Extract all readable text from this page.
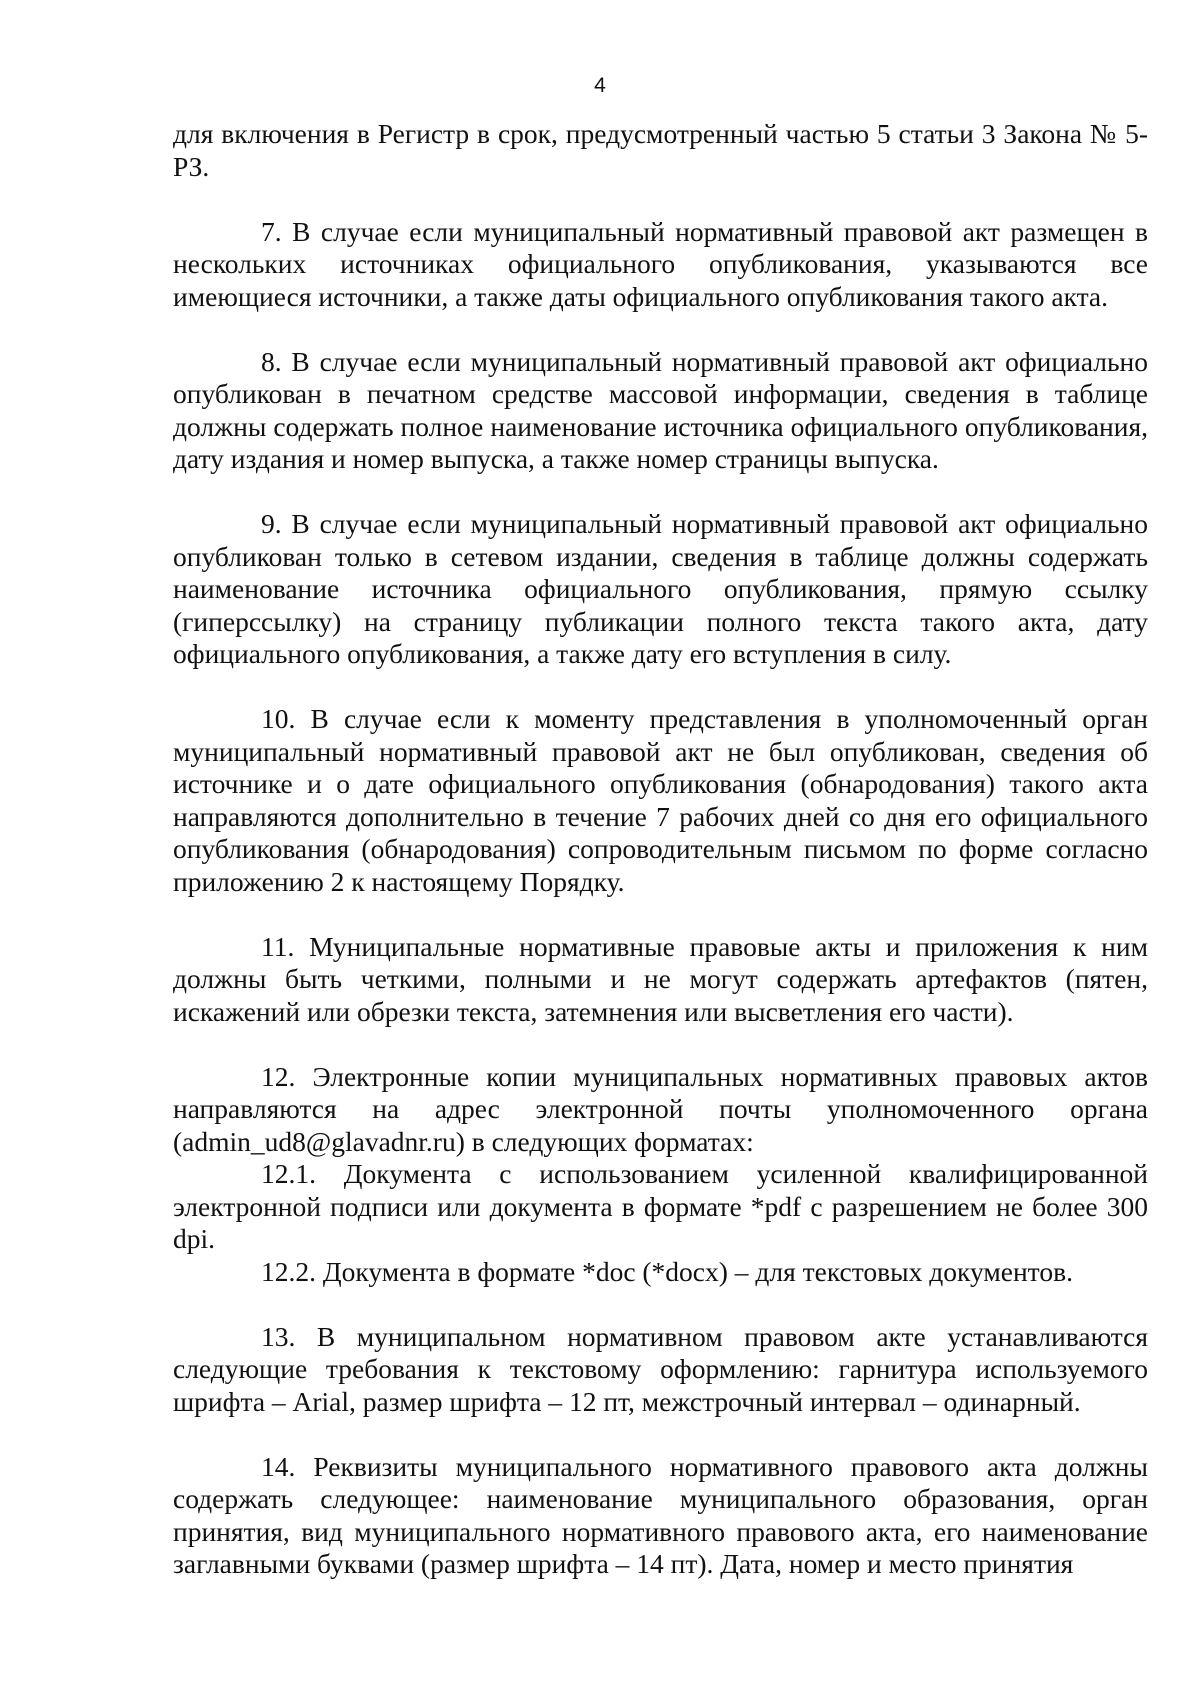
4

для включения в Регистр в срок, предусмотренный частью 5 статьи 3 Закона № 5-РЗ.

7. В случае если муниципальный нормативный правовой акт размещен в нескольких источниках официального опубликования, указываются все имеющиеся источники, а также даты официального опубликования такого акта.

8. В случае если муниципальный нормативный правовой акт официально опубликован в печатном средстве массовой информации, сведения в таблице должны содержать полное наименование источника официального опубликования, дату издания и номер выпуска, а также номер страницы выпуска.

9. В случае если муниципальный нормативный правовой акт официально опубликован только в сетевом издании, сведения в таблице должны содержать наименование источника официального опубликования, прямую ссылку (гиперссылку) на страницу публикации полного текста такого акта, дату официального опубликования, а также дату его вступления в силу.

10. В случае если к моменту представления в уполномоченный орган муниципальный нормативный правовой акт не был опубликован, сведения об источнике и о дате официального опубликования (обнародования) такого акта направляются дополнительно в течение 7 рабочих дней со дня его официального опубликования (обнародования) сопроводительным письмом по форме согласно приложению 2 к настоящему Порядку.

11. Муниципальные нормативные правовые акты и приложения к ним должны быть четкими, полными и не могут содержать артефактов (пятен, искажений или обрезки текста, затемнения или высветления его части).

12. Электронные копии муниципальных нормативных правовых актов направляются на адрес электронной почты уполномоченного органа (admin_ud8@glavadnr.ru) в следующих форматах:

12.1. Документа с использованием усиленной квалифицированной электронной подписи или документа в формате *pdf с разрешением не более 300 dpi.

12.2. Документа в формате *doc (*docx) – для текстовых документов.

13. В муниципальном нормативном правовом акте устанавливаются следующие требования к текстовому оформлению: гарнитура используемого шрифта – Arial, размер шрифта – 12 пт, межстрочный интервал – одинарный.

14. Реквизиты муниципального нормативного правового акта должны содержать следующее: наименование муниципального образования, орган принятия, вид муниципального нормативного правового акта, его наименование заглавными буквами (размер шрифта – 14 пт). Дата, номер и место принятия
